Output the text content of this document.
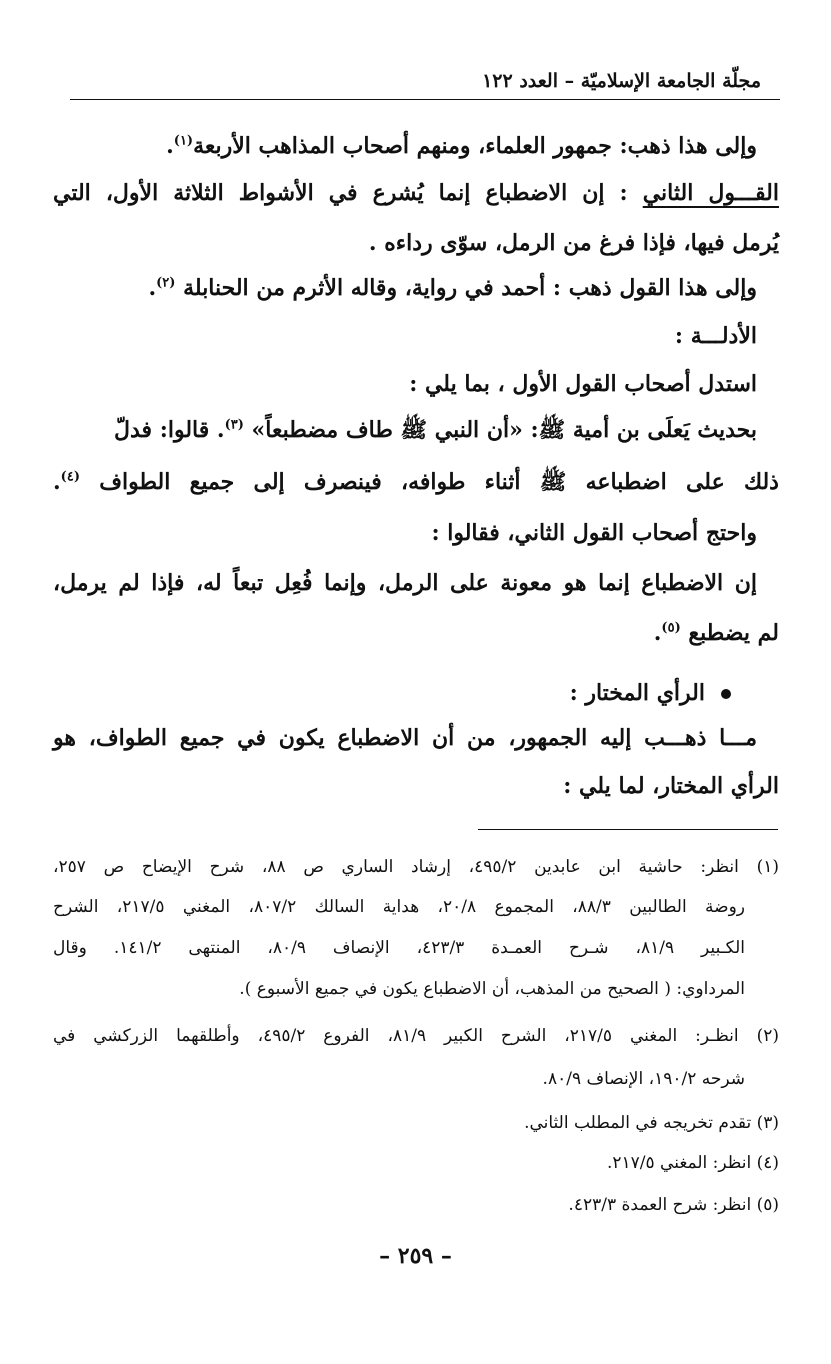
مجلّة الجامعة الإسلاميّة – العدد ١٢٢
وإلى هذا ذهب: جمهور العلماء، ومنهم أصحاب المذاهب الأربعة$^{(١)}$.
القـــول الثاني : إن الاضطباع إنما يُشرع في الأشواط الثلاثة الأول، التي
يُرمل فيها، فإذا فرغ من الرمل، سوّى رداءه .
وإلى هذا القول ذهب : أحمد في رواية، وقاله الأثرم من الحنابلة $^{(٢)}$.
الأدلـــة :
استدل أصحاب القول الأول ، بما يلي :
بحديث يَعلَى بن أمية ﷺ: «أن النبي ﷺ طاف مضطبعاً» $^{(٣)}$. قالوا: فدلّ
ذلك على اضطباعه ﷺ أثناء طوافه، فينصرف إلى جميع الطواف $^{(٤)}$.
واحتج أصحاب القول الثاني، فقالوا :
إن الاضطباع إنما هو معونة على الرمل، وإنما فُعِل تبعاً له، فإذا لم يرمل،
لم يضطبع $^{(٥)}$.
الرأي المختار :
مـــا ذهـــب إليه الجمهور، من أن الاضطباع يكون في جميع الطواف، هو
الرأي المختار، لما يلي :
(١) انظر: حاشية ابن عابدين ٤٩٥/٢، إرشاد الساري ص ٨٨، شرح الإيضاح ص ٢٥٧،
روضة الطالبين ٨٨/٣، المجموع ٢٠/٨، هداية السالك ٨٠٧/٢، المغني ٢١٧/٥، الشرح
الكـبير ٨١/٩، شـرح العمـدة ٤٢٣/٣، الإنصاف ٨٠/٩، المنتهى ١٤١/٢. وقال
المرداوي: ( الصحيح من المذهب، أن الاضطباع يكون في جميع الأسبوع ).
(٢) انظـر: المغني ٢١٧/٥، الشرح الكبير ٨١/٩، الفروع ٤٩٥/٢، وأطلقهما الزركشي في
شرحه ١٩٠/٢، الإنصاف ٨٠/٩.
(٣) تقدم تخريجه في المطلب الثاني.
(٤) انظر: المغني ٢١٧/٥.
(٥) انظر: شرح العمدة ٤٢٣/٣.
– ٢٥٩ –
